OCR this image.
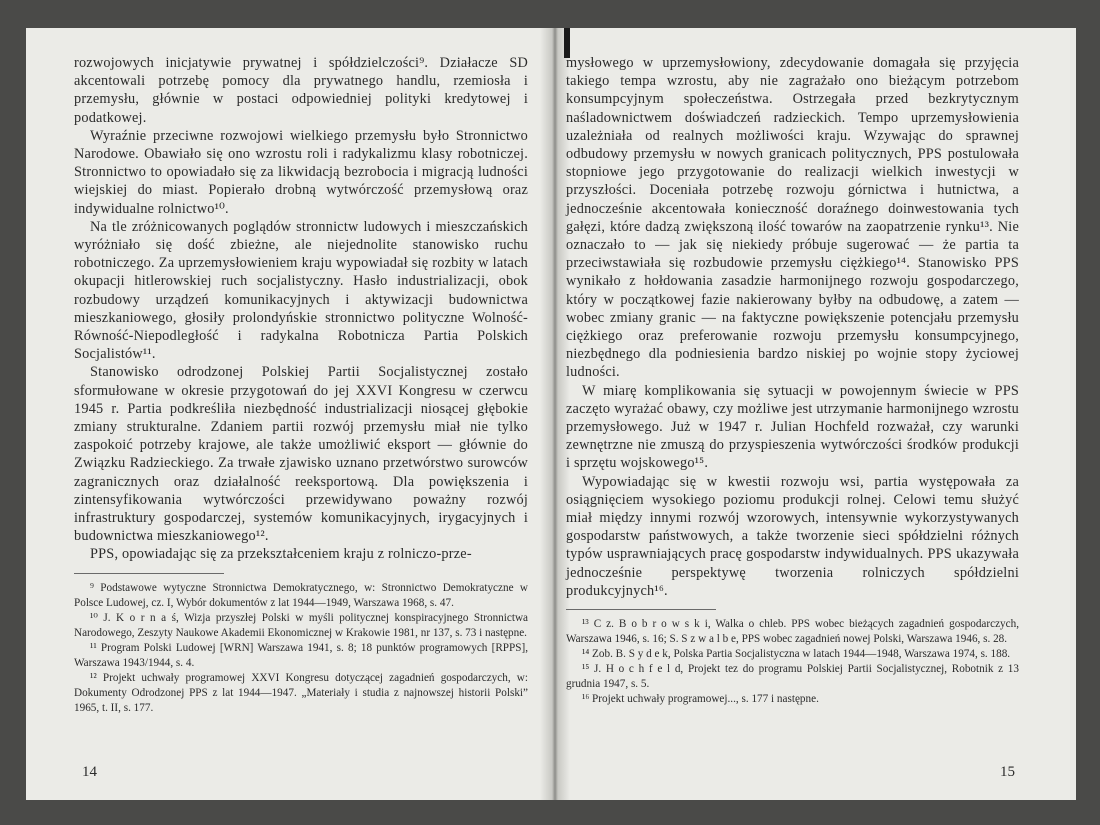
rozwojowych inicjatywie prywatnej i spółdzielczości⁹. Działacze SD akcentowali potrzebę pomocy dla prywatnego handlu, rzemiosła i przemysłu, głównie w postaci odpowiedniej polityki kredytowej i podatkowej.

Wyraźnie przeciwne rozwojowi wielkiego przemysłu było Stronnictwo Narodowe. Obawiało się ono wzrostu roli i radykalizmu klasy robotniczej. Stronnictwo to opowiadało się za likwidacją bezrobocia i migracją ludności wiejskiej do miast. Popierało drobną wytwórczość przemysłową oraz indywidualne rolnictwo¹⁰.

Na tle zróżnicowanych poglądów stronnictw ludowych i mieszczańskich wyróżniało się dość zbieżne, ale niejednolite stanowisko ruchu robotniczego. Za uprzemysłowieniem kraju wypowiadał się rozbity w latach okupacji hitlerowskiej ruch socjalistyczny. Hasło industrializacji, obok rozbudowy urządzeń komunikacyjnych i aktywizacji budownictwa mieszkaniowego, głosiły prolondyńskie stronnictwo polityczne Wolność-Równość-Niepodległość i radykalna Robotnicza Partia Polskich Socjalistów¹¹.

Stanowisko odrodzonej Polskiej Partii Socjalistycznej zostało sformułowane w okresie przygotowań do jej XXVI Kongresu w czerwcu 1945 r. Partia podkreśliła niezbędność industrializacji niosącej głębokie zmiany strukturalne. Zdaniem partii rozwój przemysłu miał nie tylko zaspokoić potrzeby krajowe, ale także umożliwić eksport — głównie do Związku Radzieckiego. Za trwałe zjawisko uznano przetwórstwo surowców zagranicznych oraz działalność reeksportową. Dla powiększenia i zintensyfikowania wytwórczości przewidywano poważny rozwój infrastruktury gospodarczej, systemów komunikacyjnych, irygacyjnych i budownictwa mieszkaniowego¹².

PPS, opowiadając się za przekształceniem kraju z rolniczo-prze-

⁹ Podstawowe wytyczne Stronnictwa Demokratycznego, w: Stronnictwo Demokratyczne w Polsce Ludowej, cz. I, Wybór dokumentów z lat 1944—1949, Warszawa 1968, s. 47.

¹⁰ J. K o r n a ś, Wizja przyszłej Polski w myśli politycznej konspiracyjnego Stronnictwa Narodowego, Zeszyty Naukowe Akademii Ekonomicznej w Krakowie 1981, nr 137, s. 73 i następne.

¹¹ Program Polski Ludowej [WRN] Warszawa 1941, s. 8; 18 punktów programowych [RPPS], Warszawa 1943/1944, s. 4.

¹² Projekt uchwały programowej XXVI Kongresu dotyczącej zagadnień gospodarczych, w: Dokumenty Odrodzonej PPS z lat 1944—1947. „Materiały i studia z najnowszej historii Polski” 1965, t. II, s. 177.

mysłowego w uprzemysłowiony, zdecydowanie domagała się przyjęcia takiego tempa wzrostu, aby nie zagrażało ono bieżącym potrzebom konsumpcyjnym społeczeństwa. Ostrzegała przed bezkrytycznym naśladownictwem doświadczeń radzieckich. Tempo uprzemysłowienia uzależniała od realnych możliwości kraju. Wzywając do sprawnej odbudowy przemysłu w nowych granicach politycznych, PPS postulowała stopniowe jego przygotowanie do realizacji wielkich inwestycji w przyszłości. Doceniała potrzebę rozwoju górnictwa i hutnictwa, a jednocześnie akcentowała konieczność doraźnego doinwestowania tych gałęzi, które dadzą zwiększoną ilość towarów na zaopatrzenie rynku¹³. Nie oznaczało to — jak się niekiedy próbuje sugerować — że partia ta przeciwstawiała się rozbudowie przemysłu ciężkiego¹⁴. Stanowisko PPS wynikało z hołdowania zasadzie harmonijnego rozwoju gospodarczego, który w początkowej fazie nakierowany byłby na odbudowę, a zatem — wobec zmiany granic — na faktyczne powiększenie potencjału przemysłu ciężkiego oraz preferowanie rozwoju przemysłu konsumpcyjnego, niezbędnego dla podniesienia bardzo niskiej po wojnie stopy życiowej ludności.

W miarę komplikowania się sytuacji w powojennym świecie w PPS zaczęto wyrażać obawy, czy możliwe jest utrzymanie harmonijnego wzrostu przemysłowego. Już w 1947 r. Julian Hochfeld rozważał, czy warunki zewnętrzne nie zmuszą do przyspieszenia wytwórczości środków produkcji i sprzętu wojskowego¹⁵.

Wypowiadając się w kwestii rozwoju wsi, partia występowała za osiągnięciem wysokiego poziomu produkcji rolnej. Celowi temu służyć miał między innymi rozwój wzorowych, intensywnie wykorzystywanych gospodarstw państwowych, a także tworzenie sieci spółdzielni różnych typów usprawniających pracę gospodarstw indywidualnych. PPS ukazywała jednocześnie perspektywę tworzenia rolniczych spółdzielni produkcyjnych¹⁶.

¹³ C z. B o b r o w s k i, Walka o chleb. PPS wobec bieżących zagadnień gospodarczych, Warszawa 1946, s. 16; S. S z w a l b e, PPS wobec zagadnień nowej Polski, Warszawa 1946, s. 28.

¹⁴ Zob. B. S y d e k, Polska Partia Socjalistyczna w latach 1944—1948, Warszawa 1974, s. 188.

¹⁵ J. H o c h f e l d, Projekt tez do programu Polskiej Partii Socjalistycznej, Robotnik z 13 grudnia 1947, s. 5.

¹⁶ Projekt uchwały programowej..., s. 177 i następne.

14	15
